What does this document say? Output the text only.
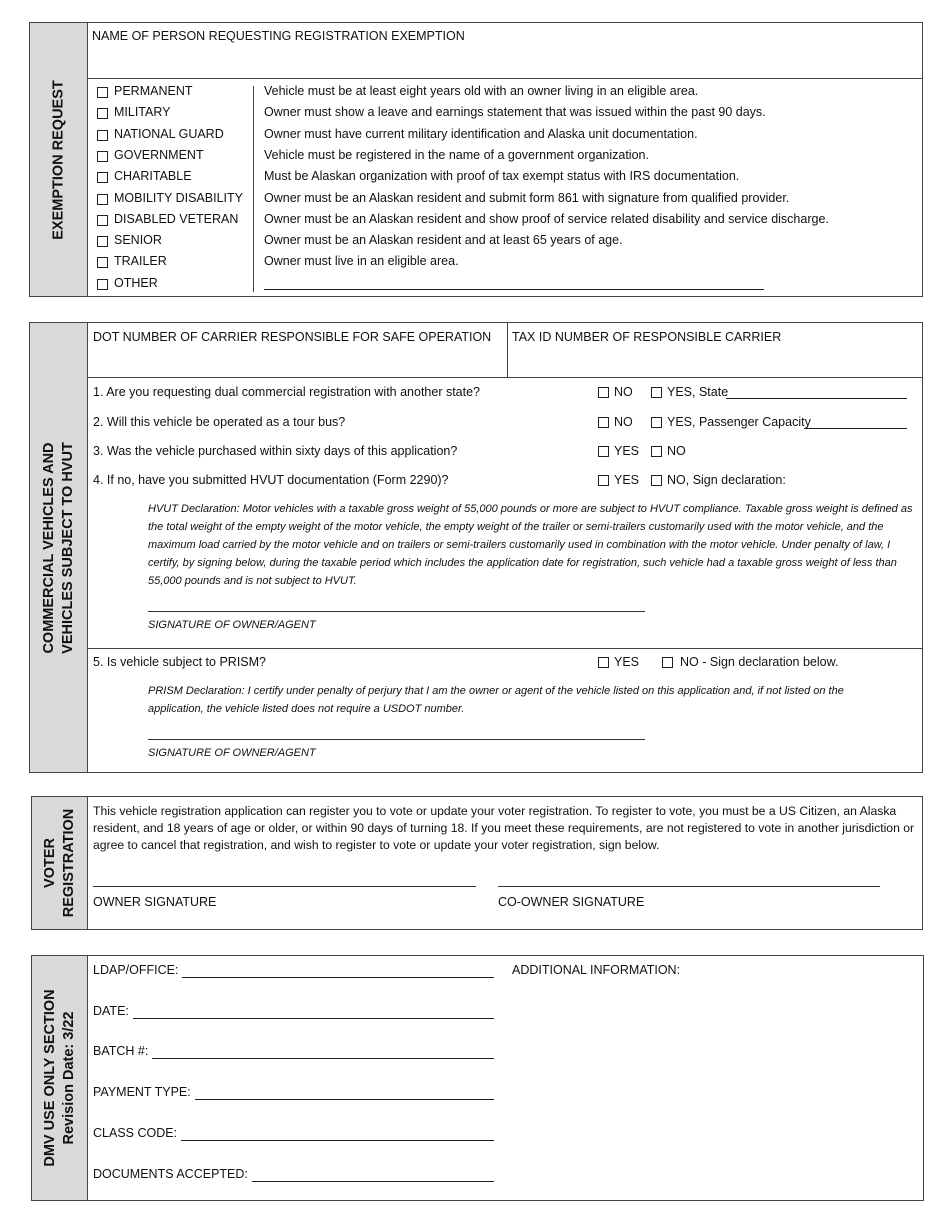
EXEMPTION REQUEST
NAME OF PERSON REQUESTING REGISTRATION EXEMPTION
PERMANENT	Vehicle must be at least eight years old with an owner living in an eligible area.
MILITARY	Owner must show a leave and earnings statement that was issued within the past 90 days.
NATIONAL GUARD	Owner must have current military identification and Alaska unit documentation.
GOVERNMENT	Vehicle must be registered in the name of a government organization.
CHARITABLE	Must be Alaskan organization with proof of tax exempt status with IRS documentation.
MOBILITY DISABILITY Owner must be an Alaskan resident and submit form 861 with signature from qualified provider.
DISABLED VETERAN Owner must be an Alaskan resident and show proof of service related disability and service discharge.
SENIOR	Owner must be an Alaskan resident and at least 65 years of age.
TRAILER	Owner must live in an eligible area.
OTHER
COMMERCIAL VEHICLES AND VEHICLES SUBJECT TO HVUT
DOT NUMBER OF CARRIER RESPONSIBLE FOR SAFE OPERATION TAX ID NUMBER OF RESPONSIBLE CARRIER
1. Are you requesting dual commercial registration with another state?	NO	YES, State
2. Will this vehicle be operated as a tour bus?	NO	YES, Passenger Capacity
3. Was the vehicle purchased within sixty days of this application?	YES NO
4. If no, have you submitted HVUT documentation (Form 2290)?	YES NO, Sign declaration:
HVUT Declaration: Motor vehicles with a taxable gross weight of 55,000 pounds or more are subject to HVUT compliance. Taxable gross weight is defined as the total weight of the empty weight of the motor vehicle, the empty weight of the trailer or semi-trailers customarily used with the motor vehicle, and the maximum load carried by the motor vehicle and on trailers or semi-trailers customarily used in combination with the motor vehicle. Under penalty of law, I certify, by signing below, during the taxable period which includes the application date for registration, such vehicle had a taxable gross weight of less than 55,000 pounds and is not subject to HVUT.
SIGNATURE OF OWNER/AGENT
5. Is vehicle subject to PRISM?	YES	NO - Sign declaration below.
PRISM Declaration: I certify under penalty of perjury that I am the owner or agent of the vehicle listed on this application and, if not listed on the application, the vehicle listed does not require a USDOT number.
SIGNATURE OF OWNER/AGENT
VOTER REGISTRATION This vehicle registration application can register you to vote or update your voter registration. To register to vote, you must be a US Citizen, an Alaska resident, and 18 years of age or older, or within 90 days of turning 18. If you meet these requirements, are not registered to vote in another jurisdiction or agree to cancel that registration, and wish to register to vote or update your voter registration, sign below.
OWNER SIGNATURE	CO-OWNER SIGNATURE
DMV USE ONLY SECTION Revision Date: 3/22
LDAP/OFFICE:
DATE:
BATCH #:
PAYMENT TYPE:
CLASS CODE:
DOCUMENTS ACCEPTED:
ADDITIONAL INFORMATION:
